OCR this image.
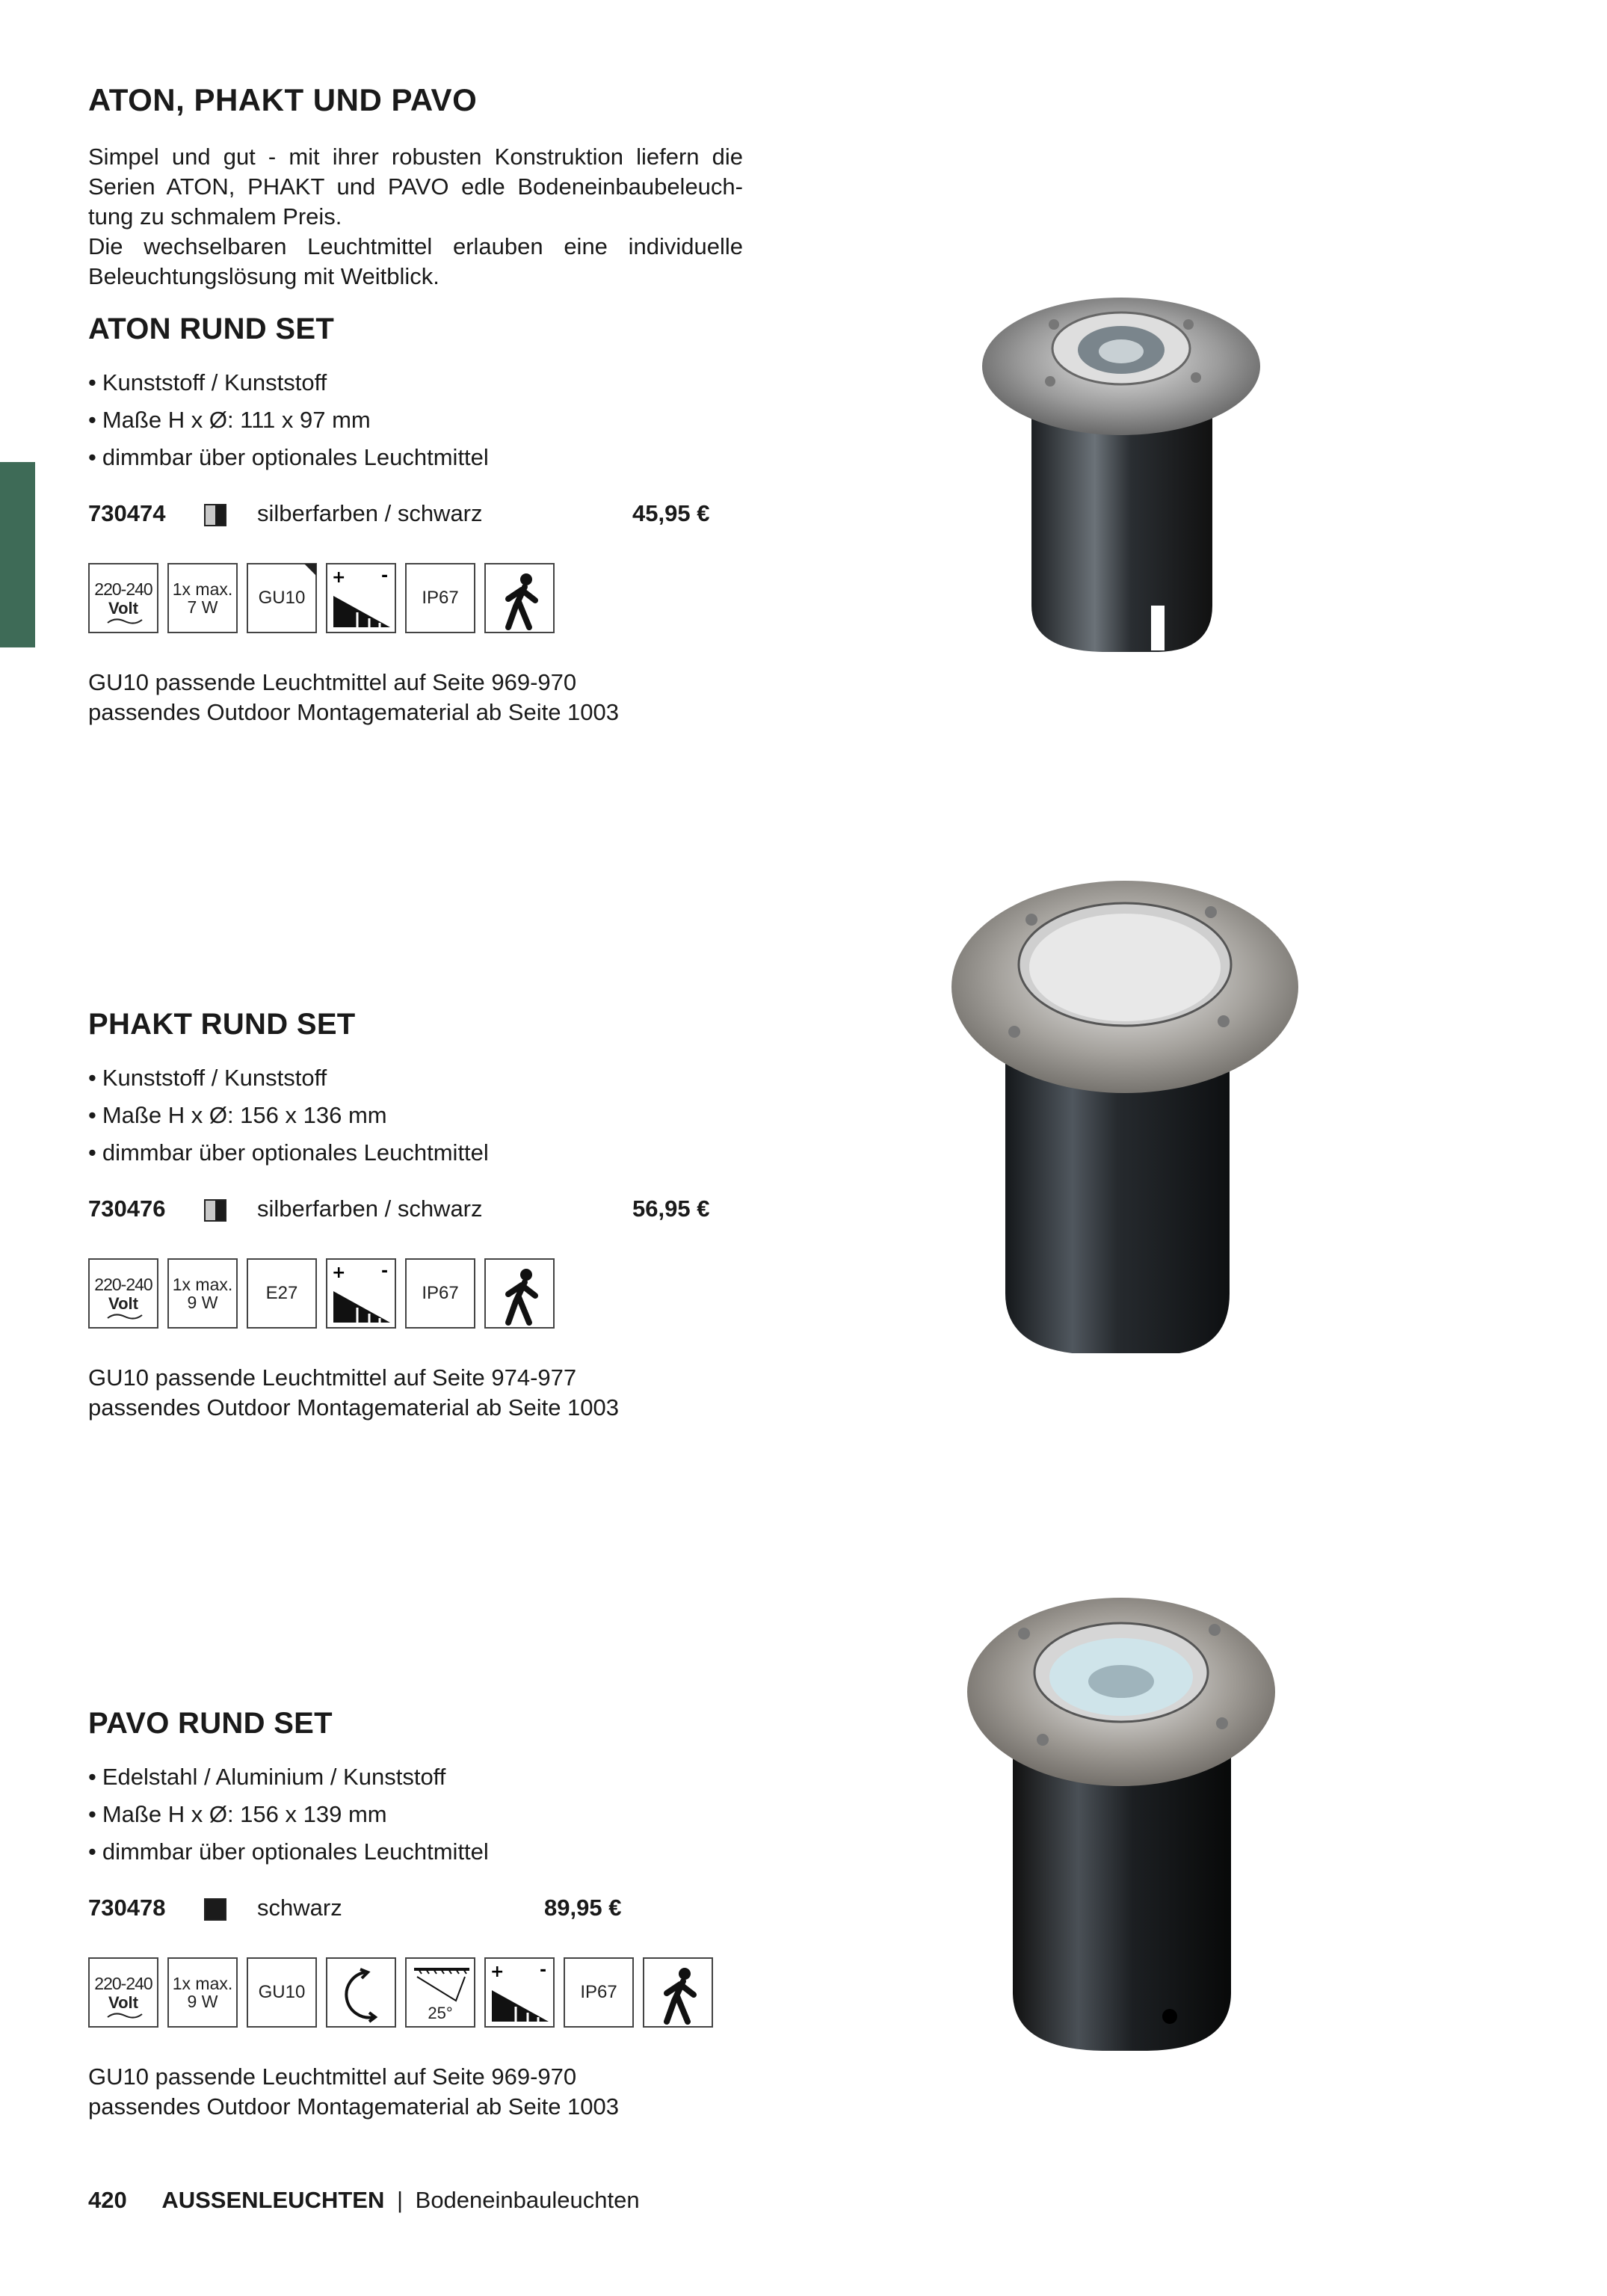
ATON, PHAKT UND PAVO

Simpel und gut - mit ihrer robusten Konstruktion liefern die Serien ATON, PHAKT und PAVO edle Bodeneinbaubeleuchtung zu schmalem Preis.

Die wechselbaren Leuchtmittel erlauben eine individuelle Beleuchtungslösung mit Weitblick.

ATON RUND SET
• Kunststoff / Kunststoff
• Maße H x Ø: 111 x 97 mm
• dimmbar über optionales Leuchtmittel
730474	silberfarben / schwarz	45,95 €
220-240
Volt
1x max.
7 W	GU10
+ -
IP67
GU10 passende Leuchtmittel auf Seite 969-970
passendes Outdoor Montagematerial ab Seite 1003
PHAKT RUND SET
• Kunststoff / Kunststoff
• Maße H x Ø: 156 x 136 mm
• dimmbar über optionales Leuchtmittel
730476	silberfarben / schwarz	56,95 €
220-240
Volt
1x max.
9 W	E27
+ -
IP67
GU10 passende Leuchtmittel auf Seite 974-977
passendes Outdoor Montagematerial ab Seite 1003
PAVO RUND SET
• Edelstahl / Aluminium / Kunststoff
• Maße H x Ø: 156 x 139 mm
• dimmbar über optionales Leuchtmittel
730478	schwarz	89,95 €
220-240
Volt
1x max.
9 W	GU10
25°
+ -
IP67
GU10 passende Leuchtmittel auf Seite 969-970
passendes Outdoor Montagematerial ab Seite 1003
420 AUSSENLEUCHTEN | Bodeneinbauleuchten
